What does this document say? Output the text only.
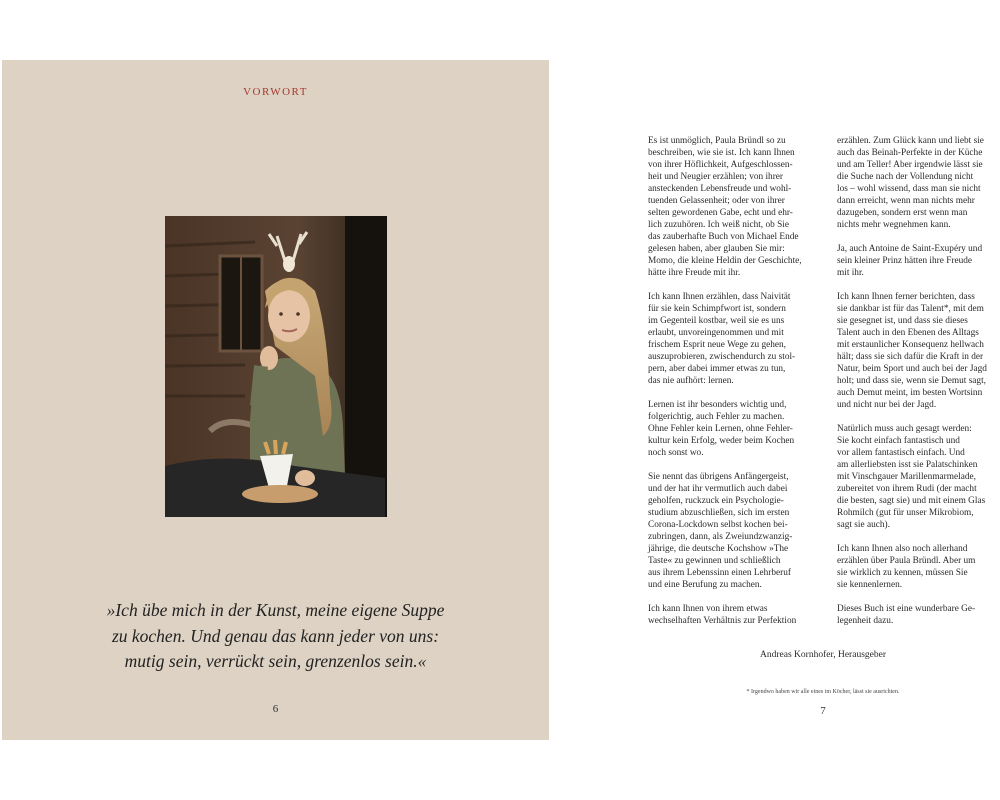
VORWORT
»Ich übe mich in der Kunst, meine eigene Suppe
zu kochen. Und genau das kann jeder von uns:
mutig sein, verrückt sein, grenzenlos sein.«
6
Es ist unmöglich, Paula Bründl so zu
beschreiben, wie sie ist. Ich kann Ihnen
von ihrer Höflichkeit, Aufgeschlossen-
heit und Neugier erzählen; von ihrer
ansteckenden Lebensfreude und wohl-
tuenden Gelassenheit; oder von ihrer
selten gewordenen Gabe, echt und ehr-
lich zuzuhören. Ich weiß nicht, ob Sie
das zauberhafte Buch von Michael Ende
gelesen haben, aber glauben Sie mir:
Momo, die kleine Heldin der Geschichte,
hätte ihre Freude mit ihr.
Ich kann Ihnen erzählen, dass Naivität
für sie kein Schimpfwort ist, sondern
im Gegenteil kostbar, weil sie es uns
erlaubt, unvoreingenommen und mit
frischem Esprit neue Wege zu gehen,
auszuprobieren, zwischendurch zu stol-
pern, aber dabei immer etwas zu tun,
das nie aufhört: lernen.
Lernen ist ihr besonders wichtig und,
folgerichtig, auch Fehler zu machen.
Ohne Fehler kein Lernen, ohne Fehler-
kultur kein Erfolg, weder beim Kochen
noch sonst wo.
Sie nennt das übrigens Anfängergeist,
und der hat ihr vermutlich auch dabei
geholfen, ruckzuck ein Psychologie-
studium abzuschließen, sich im ersten
Corona-Lockdown selbst kochen bei-
zubringen, dann, als Zweiundzwanzig-
jährige, die deutsche Kochshow »The
Taste« zu gewinnen und schließlich
aus ihrem Lebenssinn einen Lehrberuf
und eine Berufung zu machen.
Ich kann Ihnen von ihrem etwas
wechselhaften Verhältnis zur Perfektion
erzählen. Zum Glück kann und liebt sie
auch das Beinah-Perfekte in der Küche
und am Teller! Aber irgendwie lässt sie
die Suche nach der Vollendung nicht
los – wohl wissend, dass man sie nicht
dann erreicht, wenn man nichts mehr
dazugeben, sondern erst wenn man
nichts mehr wegnehmen kann.
Ja, auch Antoine de Saint-Exupéry und
sein kleiner Prinz hätten ihre Freude
mit ihr.
Ich kann Ihnen ferner berichten, dass
sie dankbar ist für das Talent*, mit dem
sie gesegnet ist, und dass sie dieses
Talent auch in den Ebenen des Alltags
mit erstaunlicher Konsequenz hellwach
hält; dass sie sich dafür die Kraft in der
Natur, beim Sport und auch bei der Jagd
holt; und dass sie, wenn sie Demut sagt,
auch Demut meint, im besten Wortsinn
und nicht nur bei der Jagd.
Natürlich muss auch gesagt werden:
Sie kocht einfach fantastisch und
vor allem fantastisch einfach. Und
am allerliebsten isst sie Palatschinken
mit Vinschgauer Marillenmarmelade,
zubereitet von ihrem Rudi (der macht
die besten, sagt sie) und mit einem Glas
Rohmilch (gut für unser Mikrobiom,
sagt sie auch).
Ich kann Ihnen also noch allerhand
erzählen über Paula Bründl. Aber um
sie wirklich zu kennen, müssen Sie
sie kennenlernen.
Dieses Buch ist eine wunderbare Ge-
legenheit dazu.
Andreas Kornhofer, Herausgeber
* Irgendwo haben wir alle eines im Köcher, lässt sie ausrichten.
7
